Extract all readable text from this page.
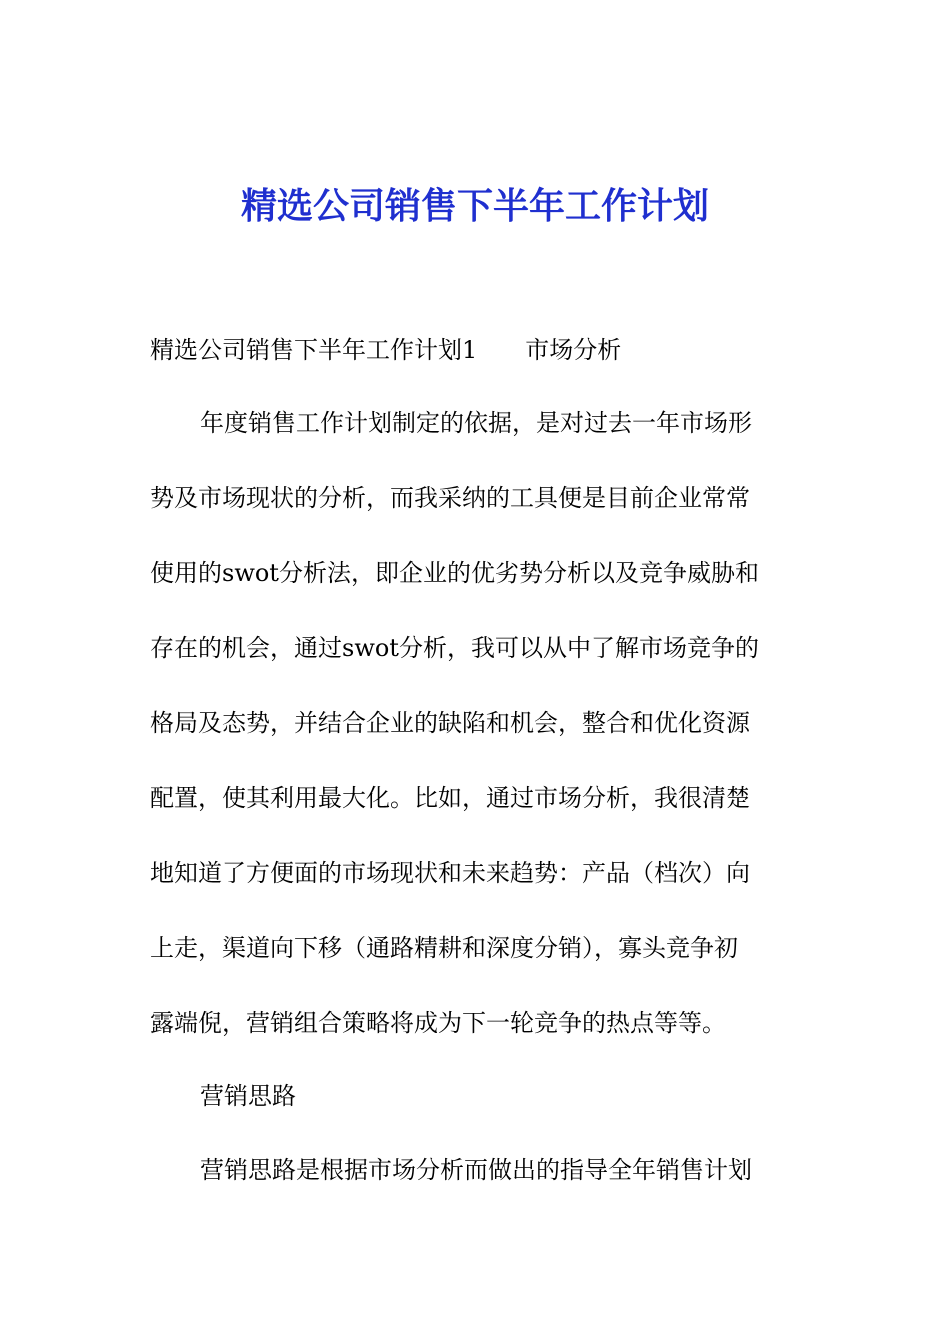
精选公司销售下半年工作计划
精选公司销售下半年工作计划1 市场分析
年度销售工作计划制定的依据，是对过去一年市场形
势及市场现状的分析，而我采纳的工具便是目前企业常常
使用的swot分析法，即企业的优劣势分析以及竞争威胁和
存在的机会，通过swot分析，我可以从中了解市场竞争的
格局及态势，并结合企业的缺陷和机会，整合和优化资源
配置，使其利用最大化。比如，通过市场分析，我很清楚
地知道了方便面的市场现状和未来趋势：产品（档次）向
上走，渠道向下移（通路精耕和深度分销），寡头竞争初
露端倪，营销组合策略将成为下一轮竞争的热点等等。
营销思路
营销思路是根据市场分析而做出的指导全年销售计划
